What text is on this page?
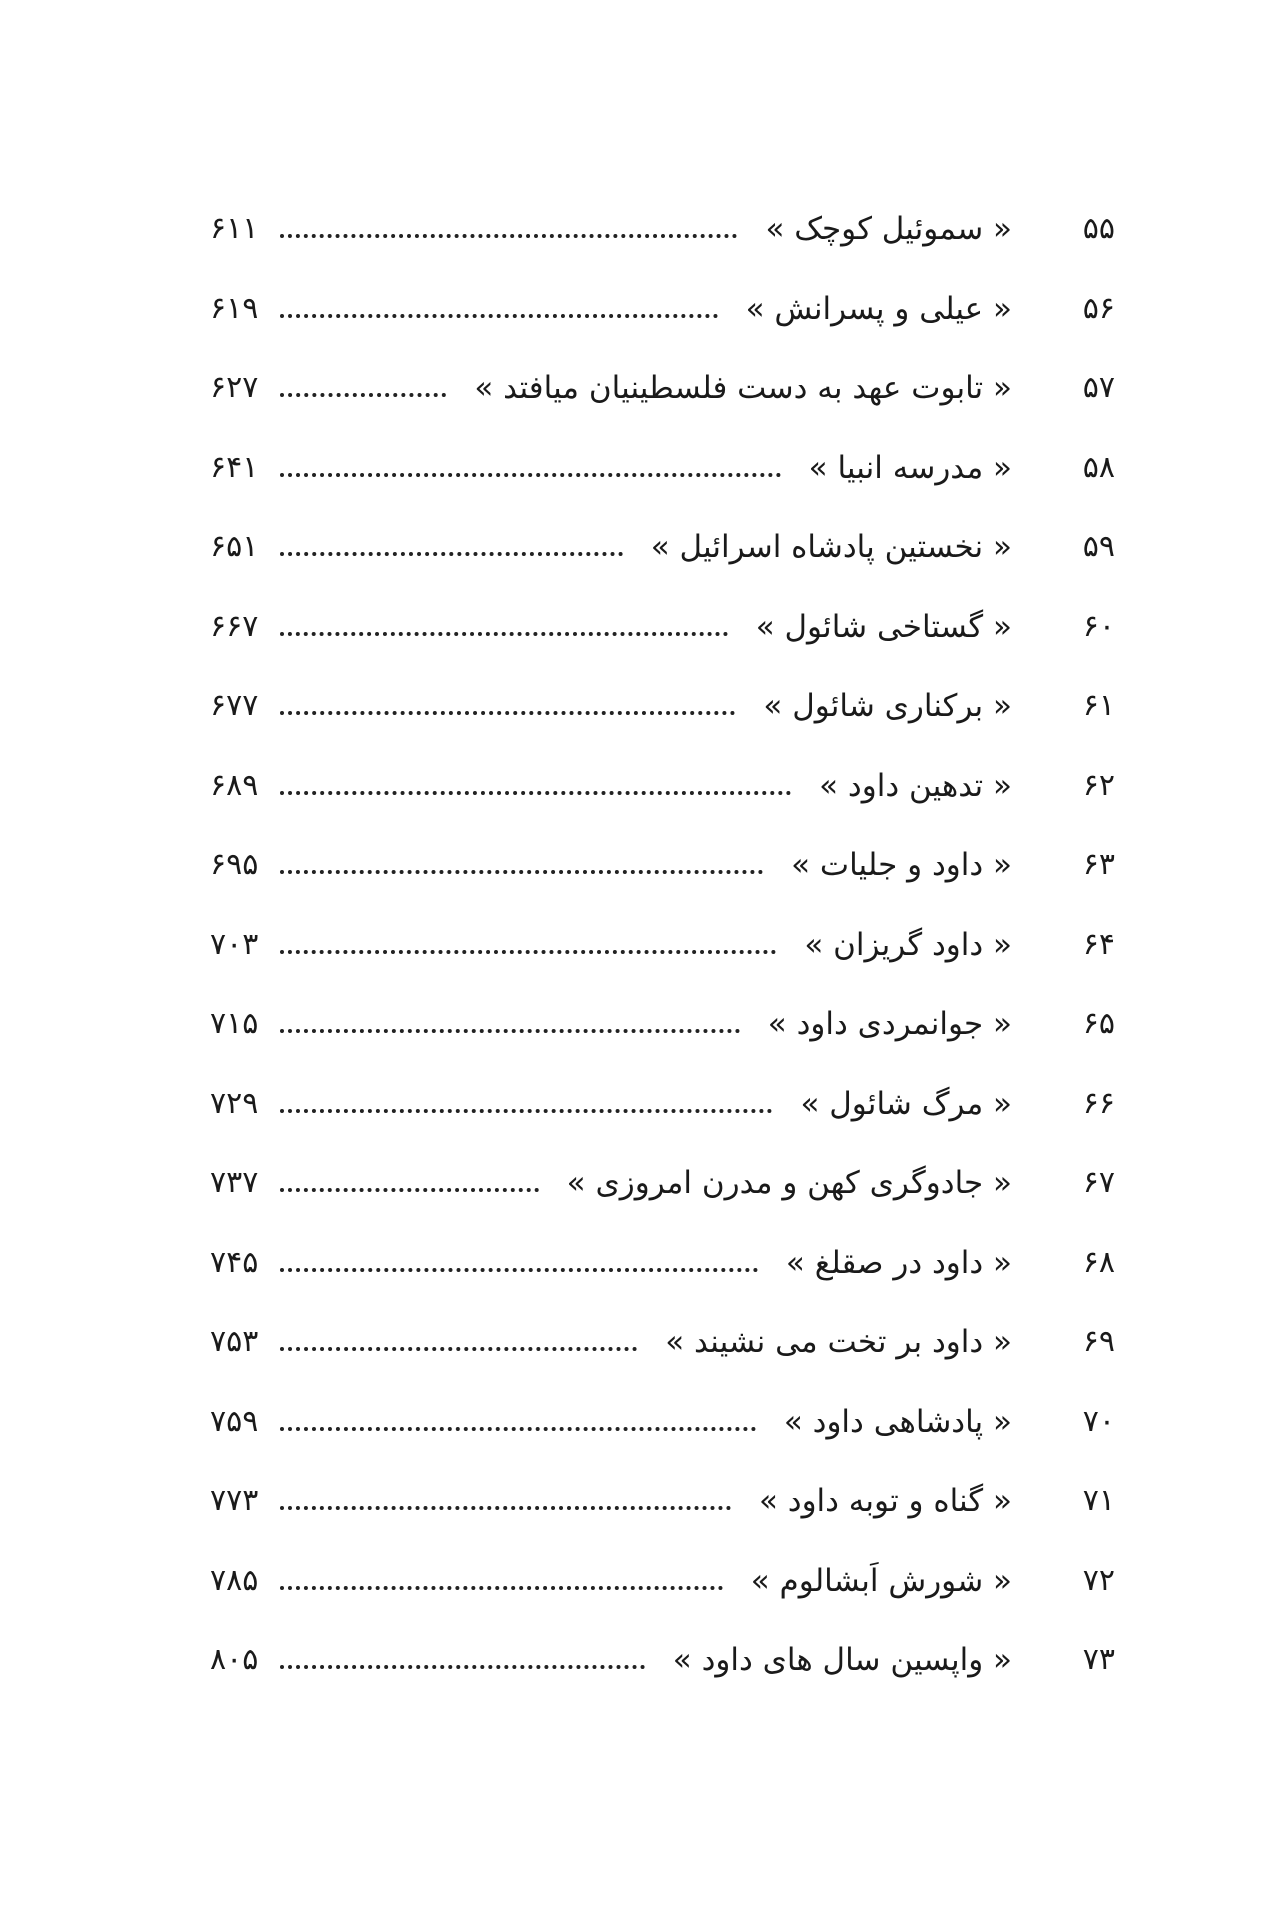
۵۵
« سموئیل کوچک »
۶۱۱
۵۶
« عیلی و پسرانش »
۶۱۹
۵۷
« تابوت عهد به دست فلسطینیان میافتد »
۶۲۷
۵۸
« مدرسه انبیا »
۶۴۱
۵۹
« نخستین پادشاه اسرائیل »
۶۵۱
۶۰
« گستاخی شائول »
۶۶۷
۶۱
« برکناری شائول »
۶۷۷
۶۲
« تدهین داود »
۶۸۹
۶۳
« داود و جلیات »
۶۹۵
۶۴
« داود گریزان »
۷۰۳
۶۵
« جوانمردی داود »
۷۱۵
۶۶
« مرگ شائول »
۷۲۹
۶۷
« جادوگری کهن و مدرن امروزی »
۷۳۷
۶۸
« داود در صقلغ »
۷۴۵
۶۹
« داود بر تخت می نشیند »
۷۵۳
۷۰
« پادشاهی داود »
۷۵۹
۷۱
« گناه و توبه داود »
۷۷۳
۷۲
« شورش اَبشالوم »
۷۸۵
۷۳
« واپسین سال های داود »
۸۰۵
